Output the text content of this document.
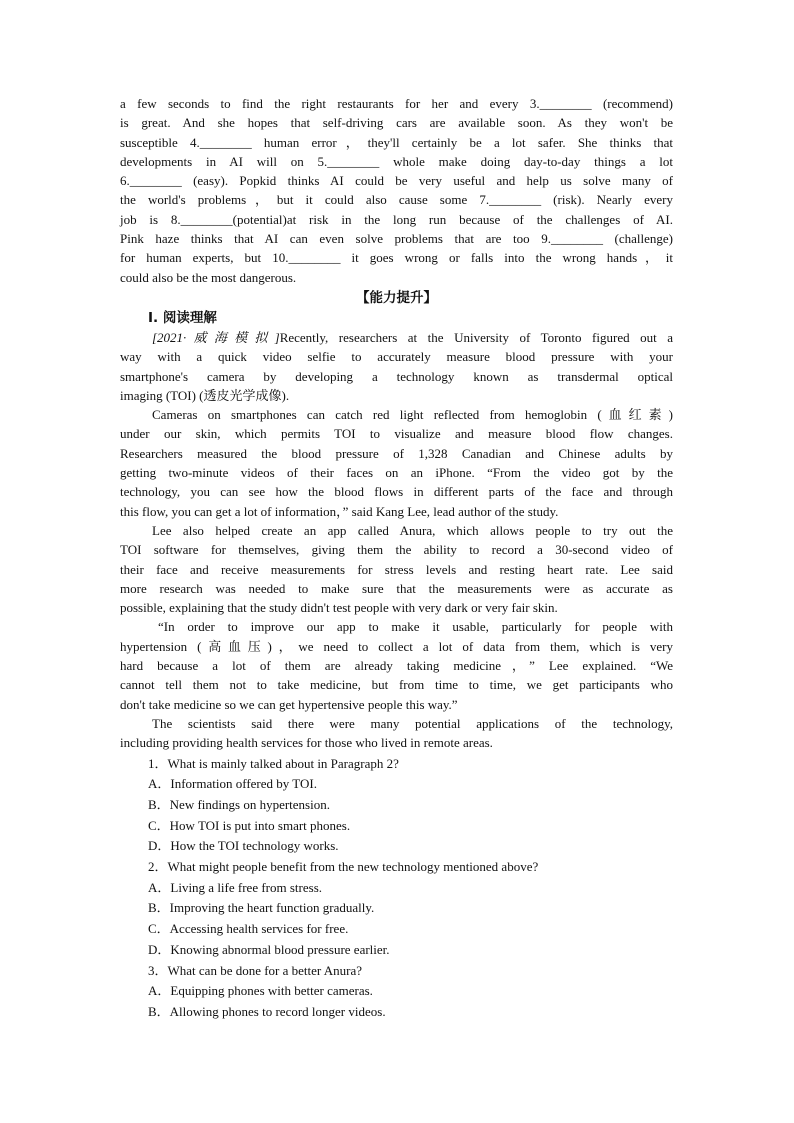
a few seconds to find the right restaurants for her and every 3.________ (recommend)

is great. And she hopes that self-driving cars are available soon. As they won't be

susceptible 4.________ human error，they'll certainly be a lot safer. She thinks that

developments in AI will on 5.________ whole make doing day-to-day things a lot

6.________ (easy). Popkid thinks AI could be very useful and help us solve many of

the world's problems，but it could also cause some 7.________ (risk). Nearly every

job is 8.________(potential)at risk in the long run because of the challenges of AI.

Pink haze thinks that AI can even solve problems that are too 9.________ (challenge)

for human experts, but 10.________ it goes wrong or falls into the wrong hands，it

could also be the most dangerous.

【能力提升】
Ⅰ. 阅读理解

[2021·威海模拟]Recently, researchers at the University of Toronto figured out a

way with a quick video selfie to accurately measure blood pressure with your

smartphone's camera by developing a technology known as transdermal optical

imaging (TOI) (透皮光学成像).

Cameras on smartphones can catch red light reflected from hemoglobin (血红素)

under our skin, which permits TOI to visualize and measure blood flow changes.

Researchers measured the blood pressure of 1,328 Canadian and Chinese adults by

getting two-minute videos of their faces on an iPhone. “From the video got by the

technology, you can see how the blood flows in different parts of the face and through

this flow, you can get a lot of information，” said Kang Lee, lead author of the study.

Lee also helped create an app called Anura, which allows people to try out the

TOI software for themselves, giving them the ability to record a 30-second video of

their face and receive measurements for stress levels and resting heart rate. Lee said

more research was needed to make sure that the measurements were as accurate as

possible, explaining that the study didn't test people with very dark or very fair skin.

“In order to improve our app to make it usable, particularly for people with

hypertension (高血压)，we need to collect a lot of data from them, which is very

hard because a lot of them are already taking medicine，” Lee explained. “We

cannot tell them not to take medicine, but from time to time, we get participants who

don't take medicine so we can get hypertensive people this way.”

The scientists said there were many potential applications of the technology,

including providing health services for those who lived in remote areas.

1．What is mainly talked about in Paragraph 2?

A．Information offered by TOI.

B．New findings on hypertension.

C．How TOI is put into smart phones.

D．How the TOI technology works.

2．What might people benefit from the new technology mentioned above?

A．Living a life free from stress.

B．Improving the heart function gradually.

C．Accessing health services for free.

D．Knowing abnormal blood pressure earlier.

3．What can be done for a better Anura?

A．Equipping phones with better cameras.

B．Allowing phones to record longer videos.
